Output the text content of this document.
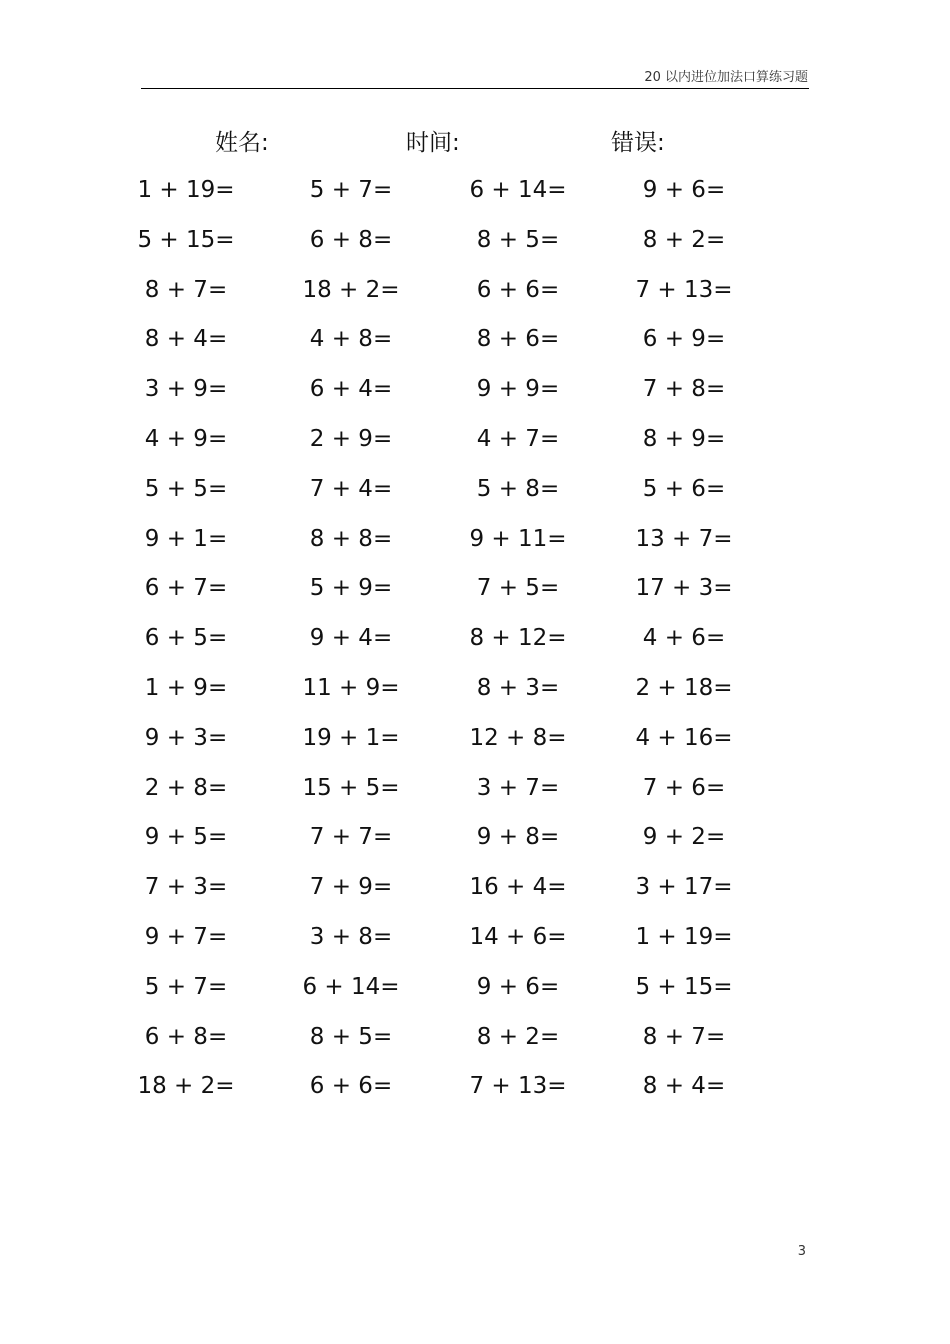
20 以内进位加法口算练习题
姓名:	时间:	错误:
1 + 19=	5 + 7=	6 + 14=	9 + 6=
5 + 15=	6 + 8=	8 + 5=	8 + 2=
8 + 7=	18 + 2=	6 + 6=	7 + 13=
8 + 4=	4 + 8=	8 + 6=	6 + 9=
3 + 9=	6 + 4=	9 + 9=	7 + 8=
4 + 9=	2 + 9=	4 + 7=	8 + 9=
5 + 5=	7 + 4=	5 + 8=	5 + 6=
9 + 1=	8 + 8=	9 + 11=	13 + 7=
6 + 7=	5 + 9=	7 + 5=	17 + 3=
6 + 5=	9 + 4=	8 + 12=	4 + 6=
1 + 9=	11 + 9=	8 + 3=	2 + 18=
9 + 3=	19 + 1=	12 + 8=	4 + 16=
2 + 8=	15 + 5=	3 + 7=	7 + 6=
9 + 5=	7 + 7=	9 + 8=	9 + 2=
7 + 3=	7 + 9=	16 + 4=	3 + 17=
9 + 7=	3 + 8=	14 + 6=	1 + 19=
5 + 7=	6 + 14=	9 + 6=	5 + 15=
6 + 8=	8 + 5=	8 + 2=	8 + 7=
18 + 2=	6 + 6=	7 + 13=	8 + 4=
3
